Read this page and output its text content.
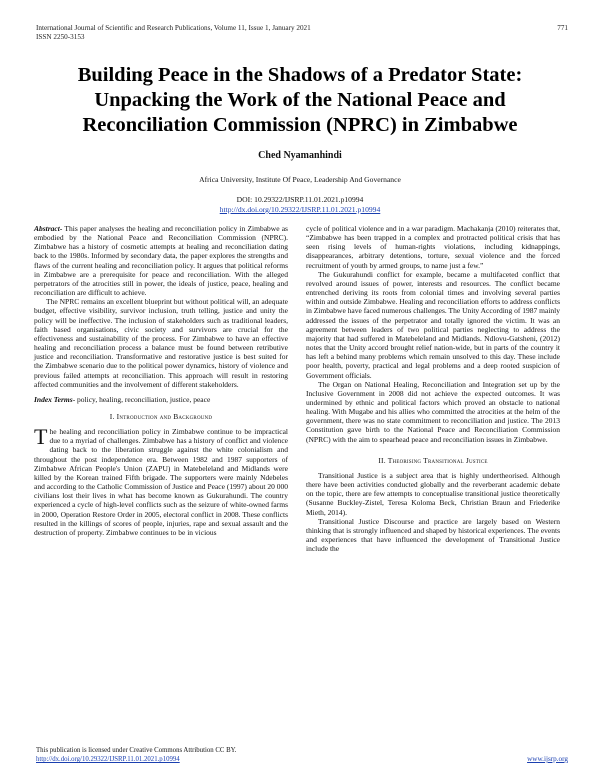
International Journal of Scientific and Research Publications, Volume 11, Issue 1, January 2021
ISSN 2250-3153
771
Building Peace in the Shadows of a Predator State:
Unpacking the Work of the National Peace and
Reconciliation Commission (NPRC) in Zimbabwe
Ched Nyamanhindi
Africa University, Institute Of Peace, Leadership And Governance
DOI: 10.29322/IJSRP.11.01.2021.p10994
http://dx.doi.org/10.29322/IJSRP.11.01.2021.p10994

Abstract- This paper analyses the healing and reconciliation policy in Zimbabwe as embodied by the National Peace and Reconciliation Commission (NPRC). Zimbabwe has a history of cosmetic attempts at healing and reconciliation dating back to the 1980s. Informed by secondary data, the paper explores the strengths and flaws of the current healing and reconciliation policy. It argues that political reforms in Zimbabwe are a prerequisite for peace and reconciliation. With the alleged perpetrators of the atrocities still in power, the ideals of justice, peace, healing and reconciliation are difficult to achieve.

The NPRC remains an excellent blueprint but without political will, an adequate budget, effective visibility, survivor inclusion, truth telling, justice and unity the policy will be ineffective. The inclusion of stakeholders such as traditional leaders, faith based organisations, civic society and survivors are crucial for the effectiveness and sustainability of the process. For Zimbabwe to have an effective healing and reconciliation process a balance must be found between retributive justice and reconciliation. Transformative and restorative justice is best suited for the Zimbabwe scenario due to the political power dynamics, history of violence and previous failed attempts at reconciliation. This approach will result in restoring affected communities and the involvement of different stakeholders.

Index Terms- policy, healing, reconciliation, justice, peace

I. Introduction and Background

The healing and reconciliation policy in Zimbabwe continue to be impractical due to a myriad of challenges. Zimbabwe has a history of conflict and violence dating back to the liberation struggle against the white colonialism and throughout the post independence era. Between 1982 and 1987 supporters of Zimbabwe African People's Union (ZAPU) in Matebeleland and Midlands were killed by the Korean trained Fifth brigade. The supporters were mainly Ndebeles and according to the Catholic Commission of Justice and Peace (1997) about 20 000 civilians lost their lives in what has become known as Gukurahundi. The country experienced a cycle of high-level conflicts such as the seizure of white-owned farms in 2000, Operation Restore Order in 2005, electoral conflict in 2008. These conflicts resulted in the killings of scores of people, injuries, rape and sexual assault and the destruction of property. Zimbabwe continues to be in vicious

cycle of political violence and in a war paradigm. Machakanja (2010) reiterates that, “Zimbabwe has been trapped in a complex and protracted political crisis that has seen rising levels of human-rights violations, including kidnappings, disappearances, arbitrary detentions, torture, sexual violence and the forced recruitment of youth by armed groups, to name just a few.”

The Gukurahundi conflict for example, became a multifaceted conflict that revolved around issues of power, interests and resources. The conflict became entrenched deriving its roots from colonial times and involving several parties within and outside Zimbabwe. Healing and reconciliation efforts to address conflicts in Zimbabwe have faced numerous challenges. The Unity According of 1987 mainly addressed the issues of the perpetrator and totally ignored the victim. It was an agreement between leaders of two political parties neglecting to address the majority that had suffered in Matebeleland and Midlands. Ndlovu-Gatsheni, (2012) notes that the Unity accord brought relief nation-wide, but in parts of the country it has left a behind many problems which remain unsolved to this day. These include poor health, poverty, practical and legal problems and a deep rooted suspicion of Government officials.

The Organ on National Healing, Reconciliation and Integration set up by the Inclusive Government in 2008 did not achieve the expected outcomes. It was undermined by ethnic and political factors which proved an obstacle to national healing. With Mugabe and his allies who committed the atrocities at the helm of the government, there was no state commitment to reconciliation and justice. The 2013 Constitution gave birth to the National Peace and Reconciliation Commission (NPRC) with the aim to spearhead peace and reconciliation issues in Zimbabwe.

II. Theorising Transitional Justice

Transitional Justice is a subject area that is highly undertheorised. Although there have been activities conducted globally and the reverberant academic debate on the topic, there are few attempts to conceptualise transitional justice theoretically (Susanne Buckley-Zistel, Teresa Koloma Beck, Christian Braun and Friederike Mieth, 2014).

Transitional Justice Discourse and practice are largely based on Western thinking that is strongly influenced and shaped by historical experiences. The events and experiences that have influenced the development of Transitional Justice include the

This publication is licensed under Creative Commons Attribution CC BY.
http://dx.doi.org/10.29322/IJSRP.11.01.2021.p10994	www.ijsrp.org
